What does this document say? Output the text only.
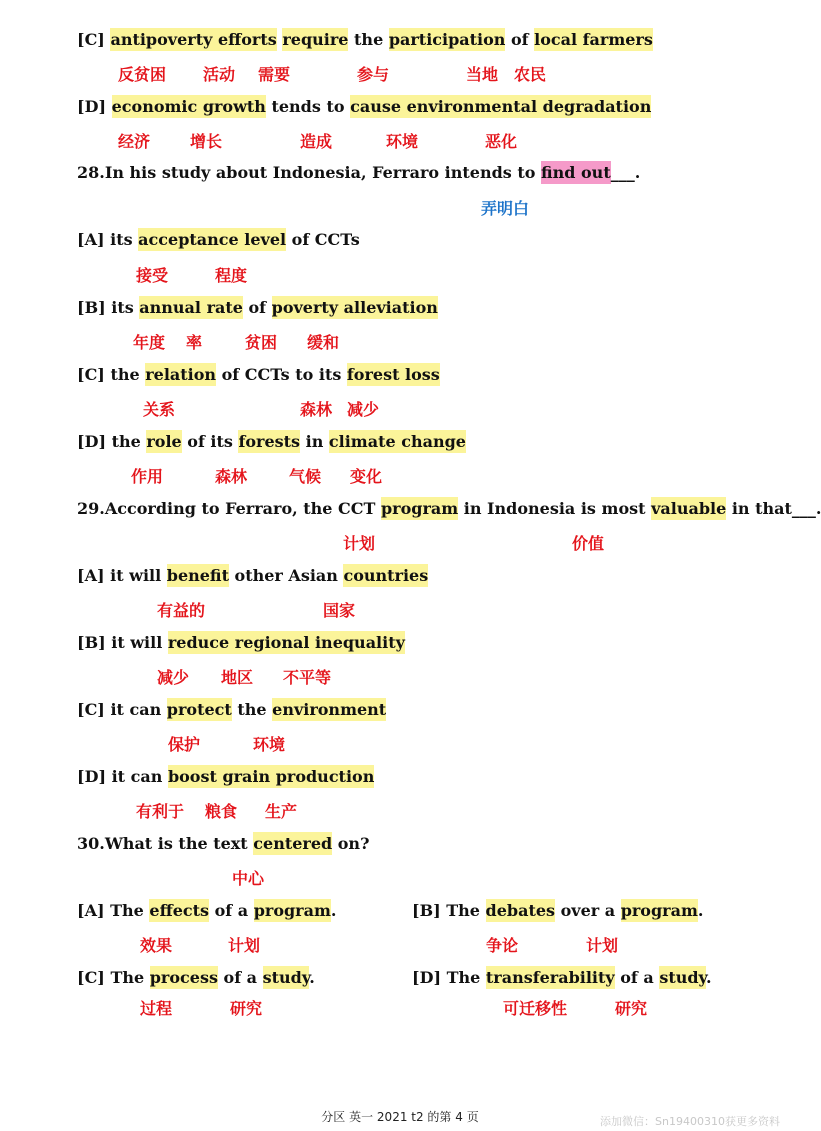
[C] antipoverty efforts require the participation of local farmers
[D] economic growth tends to cause environmental degradation
28.In his study about Indonesia, Ferraro intends to find out___.
[A] its acceptance level of CCTs
[B] its annual rate of poverty alleviation
[C] the relation of CCTs to its forest loss
[D] the role of its forests in climate change
29.According to Ferraro, the CCT program in Indonesia is most valuable in that___.
[A] it will benefit other Asian countries
[B] it will reduce regional inequality
[C] it can protect the environment
[D] it can boost grain production
30.What is the text centered on?
[A] The effects of a program.	[B] The debates over a program.
[C] The process of a study.	[D] The transferability of a study.
反贫困 活动 需要	参与	当地 农民
经济 增长	造成	环境	恶化
弄明白
接受	程度
年度 率	贫困 缓和
关系	森林 减少
作用	森林	气候 变化
计划	价值
有益的	国家
减少 地区 不平等
保护	环境
有利于 粮食 生产
中心
效果	计划	争论	计划
过程	研究	可迁移性	研究
分区 英一 2021 t2 的第 4 页	添加微信：Sn19400310获更多资料
